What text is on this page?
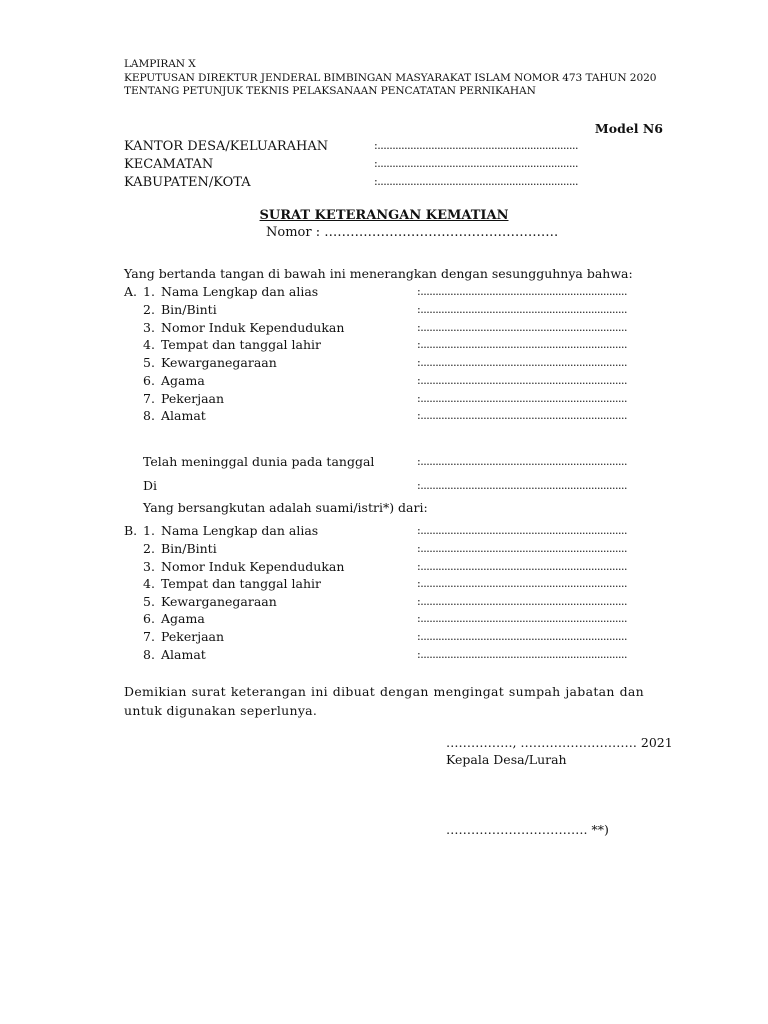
LAMPIRAN X
KEPUTUSAN DIREKTUR JENDERAL BIMBINGAN MASYARAKAT ISLAM NOMOR 473 TAHUN 2020
TENTANG PETUNJUK TEKNIS PELAKSANAAN PENCATATAN PERNIKAHAN
Model N6
KANTOR DESA/KELUARAHAN	:...................................................................
KECAMATAN	:...................................................................
KABUPATEN/KOTA	:...................................................................
SURAT KETERANGAN KEMATIAN
Nomor : ………………………………………………
Yang bertanda tangan di bawah ini menerangkan dengan sesungguhnya bahwa:
A. 1. Nama Lengkap dan alias	:.....................................................................
2. Bin/Binti	:.....................................................................
3. Nomor Induk Kependudukan	:.....................................................................
4. Tempat dan tanggal lahir	:.....................................................................
5. Kewarganegaraan	:.....................................................................
6. Agama	:.....................................................................
7. Pekerjaan	:.....................................................................
8. Alamat	:.....................................................................
Telah meninggal dunia pada tanggal	:.....................................................................
Di	:.....................................................................
Yang bersangkutan adalah suami/istri*) dari:
B. 1. Nama Lengkap dan alias	:.....................................................................
2. Bin/Binti	:.....................................................................
3. Nomor Induk Kependudukan	:.....................................................................
4. Tempat dan tanggal lahir	:.....................................................................
5. Kewarganegaraan	:.....................................................................
6. Agama	:.....................................................................
7. Pekerjaan	:.....................................................................
8. Alamat	:.....................................................................
Demikian surat keterangan ini dibuat dengan mengingat sumpah jabatan dan untuk digunakan seperlunya.
……………., ………………………. 2021
Kepala Desa/Lurah
……………………………. **)
